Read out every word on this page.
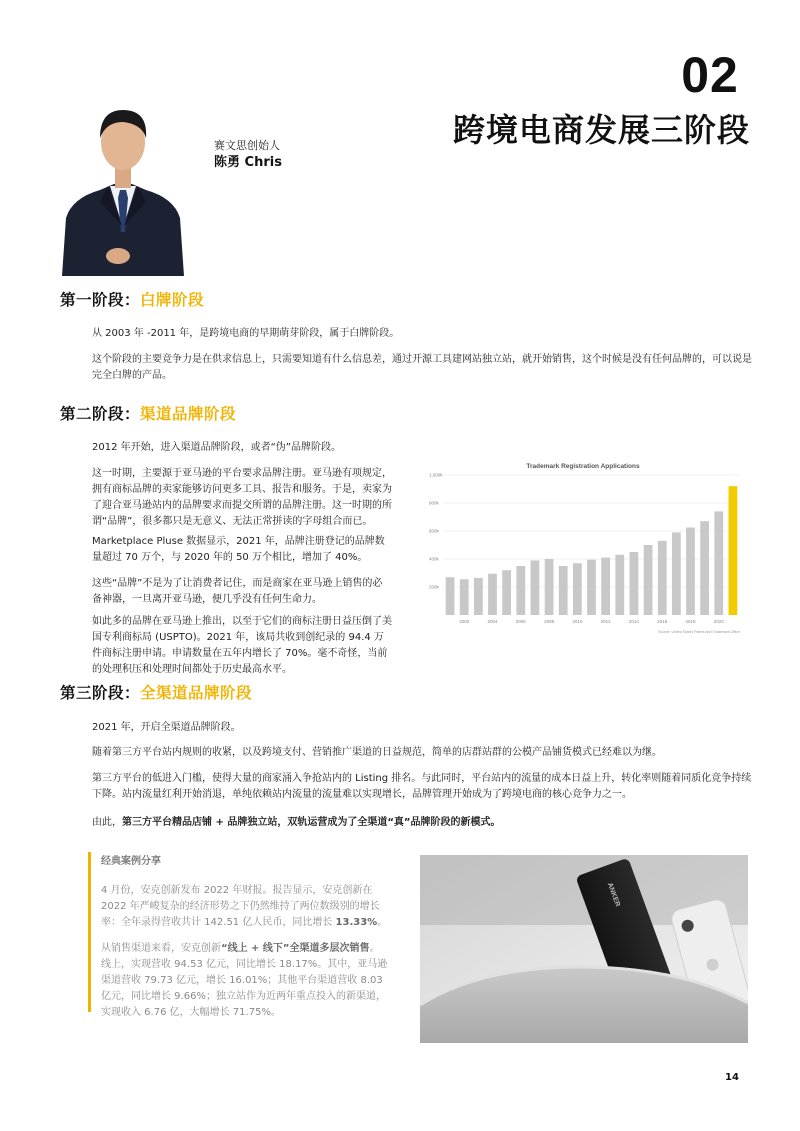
02
跨境电商发展三阶段
赛文思创始人
陈勇 Chris
第一阶段：白牌阶段

从 2003 年 -2011 年，是跨境电商的早期萌芽阶段，属于白牌阶段。

这个阶段的主要竞争力是在供求信息上，只需要知道有什么信息差，通过开源工具建网站独立站，就开始销售，这个时候是没有任何品牌的，可以说是完全白牌的产品。

第二阶段：渠道品牌阶段

2012 年开始，进入渠道品牌阶段，或者“伪”品牌阶段。

这一时期，主要源于亚马逊的平台要求品牌注册。亚马逊有项规定，拥有商标品牌的卖家能够访问更多工具、报告和服务。于是，卖家为了迎合亚马逊站内的品牌要求而提交所谓的品牌注册。这一时期的所谓“品牌”，很多都只是无意义、无法正常拼读的字母组合而已。

Marketplace Pluse 数据显示，2021 年，品牌注册登记的品牌数量超过 70 万个，与 2020 年的 50 万个相比，增加了 40%。

这些“品牌”不是为了让消费者记住，而是商家在亚马逊上销售的必备神器，一旦离开亚马逊，便几乎没有任何生命力。

如此多的品牌在亚马逊上推出，以至于它们的商标注册日益压倒了美国专利商标局 (USPTO)。2021 年，该局共收到创纪录的 94.4 万件商标注册申请。申请数量在五年内增长了 70%。毫不奇怪，当前的处理积压和处理时间都处于历史最高水平。

Trademark Registration Applications
200k
400k
600k
800k
1,000k
2002	2004	2006	2008	2010	2012	2014	2016	2018	2020
Source: United States Patent and Trademark Office
第三阶段：全渠道品牌阶段

2021 年，开启全渠道品牌阶段。

随着第三方平台站内规则的收紧，以及跨境支付、营销推广渠道的日益规范，简单的店群站群的公模产品铺货模式已经难以为继。

第三方平台的低进入门槛，使得大量的商家涌入争抢站内的 Listing 排名。与此同时，平台站内的流量的成本日益上升，转化率则随着同质化竞争持续下降。站内流量红利开始消退，单纯依赖站内流量的流量难以实现增长，品牌管理开始成为了跨境电商的核心竞争力之一。

由此，第三方平台精品店铺 + 品牌独立站，双轨运营成为了全渠道“真”品牌阶段的新模式。

经典案例分享

4 月份，安克创新发布 2022 年财报。报告显示，安克创新在 2022 年严峻复杂的经济形势之下仍然维持了两位数级别的增长率：全年录得营收共计 142.51 亿人民币，同比增长 13.33%。

从销售渠道来看，安克创新“线上 + 线下”全渠道多层次销售。线上，实现营收 94.53 亿元，同比增长 18.17%。其中，亚马逊渠道营收 79.73 亿元，增长 16.01%；其他平台渠道营收 8.03 亿元，同比增长 9.66%；独立站作为近两年重点投入的新渠道，实现收入 6.76 亿，大幅增长 71.75%。

ANKER
14
